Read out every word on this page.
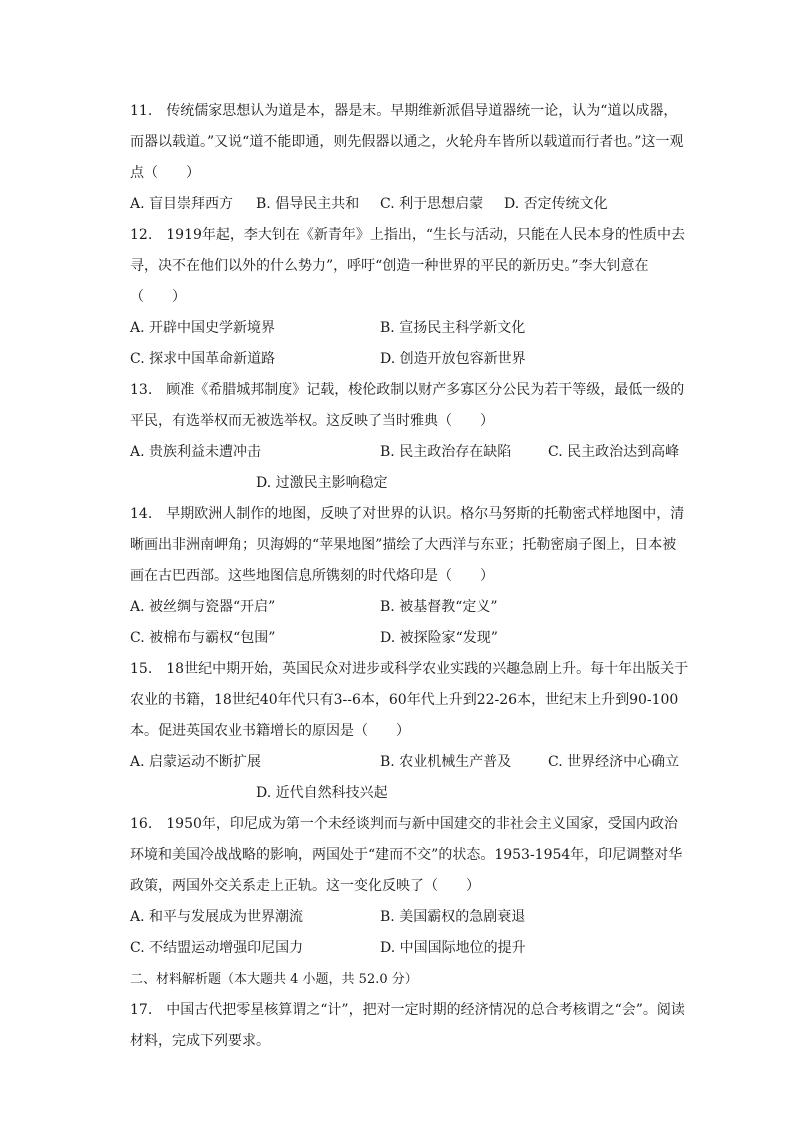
11.　传统儒家思想认为道是本，器是末。早期维新派倡导道器统一论，认为“道以成器，而器以载道。”又说“道不能即通，则先假器以通之，火轮舟车皆所以载道而行者也。”这一观点（　　）
A. 盲目崇拜西方	B. 倡导民主共和	C. 利于思想启蒙	D. 否定传统文化
12.　1919年起，李大钊在《新青年》上指出，“生长与活动，只能在人民本身的性质中去寻，决不在他们以外的什么势力”，呼吁“创造一种世界的平民的新历史。”李大钊意在（　　）
A. 开辟中国史学新境界	B. 宣扬民主科学新文化
C. 探求中国革命新道路	D. 创造开放包容新世界
13.　顾准《希腊城邦制度》记载，梭伦政制以财产多寡区分公民为若干等级，最低一级的平民，有选举权而无被选举权。这反映了当时雅典（　　）
A. 贵族利益未遭冲击	B. 民主政治存在缺陷	C. 民主政治达到高峰
D. 过激民主影响稳定
14.　早期欧洲人制作的地图，反映了对世界的认识。格尔马努斯的托勒密式样地图中，清晰画出非洲南岬角；贝海姆的“苹果地图”描绘了大西洋与东亚；托勒密扇子图上，日本被画在古巴西部。这些地图信息所镌刻的时代烙印是（　　）
A. 被丝绸与瓷器“开启”	B. 被基督教“定义”
C. 被棉布与霸权“包围”	D. 被探险家“发现”
15.　18世纪中期开始，英国民众对进步或科学农业实践的兴趣急剧上升。每十年出版关于农业的书籍，18世纪40年代只有3--6本，60年代上升到22-26本，世纪末上升到90-100本。促进英国农业书籍增长的原因是（　　）
A. 启蒙运动不断扩展	B. 农业机械生产普及	C. 世界经济中心确立
D. 近代自然科技兴起
16.　1950年，印尼成为第一个未经谈判而与新中国建交的非社会主义国家，受国内政治环境和美国冷战战略的影响，两国处于“建而不交”的状态。1953-1954年，印尼调整对华政策，两国外交关系走上正轨。这一变化反映了（　　）
A. 和平与发展成为世界潮流	B. 美国霸权的急剧衰退
C. 不结盟运动增强印尼国力	D. 中国国际地位的提升
二、材料解析题（本大题共 4 小题，共 52.0 分）
17.　中国古代把零星核算谓之“计”，把对一定时期的经济情况的总合考核谓之“会”。阅读材料，完成下列要求。
